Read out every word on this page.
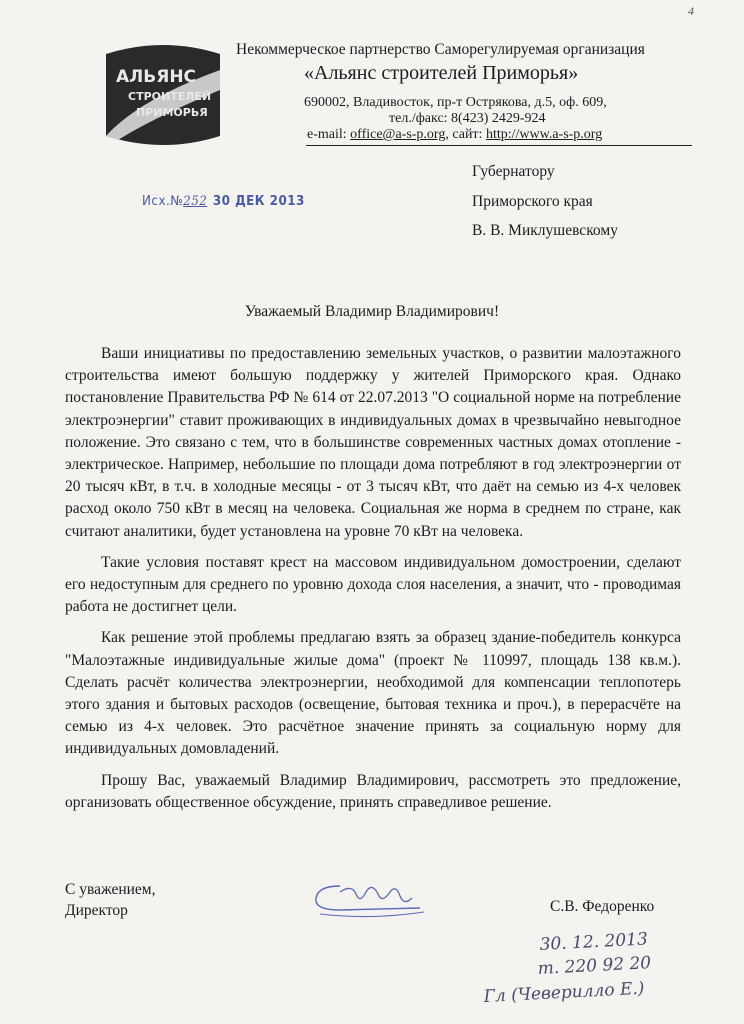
4
АЛЬЯНС
СТРОИТЕЛЕЙ
ПРИМОРЬЯ
Некоммерческое партнерство Саморегулируемая организация
«Альянс строителей Приморья»
690002, Владивосток, пр-т Острякова, д.5, оф. 609,
тел./факс: 8(423) 2429-924
e-mail: office@a-s-p.org, сайт: http://www.a-s-p.org
Исх.№252 30 ДЕК 2013
Губернатору
Приморского края
В. В. Миклушевскому
Уважаемый Владимир Владимирович!

Ваши инициативы по предоставлению земельных участков, о развитии малоэтажного строительства имеют большую поддержку у жителей Приморского края. Однако постановление Правительства РФ № 614 от 22.07.2013 "О социальной норме на потребление электроэнергии" ставит проживающих в индивидуальных домах в чрезвычайно невыгодное положение. Это связано с тем, что в большинстве современных частных домах отопление - электрическое. Например, небольшие по площади дома потребляют в год электроэнергии от 20 тысяч кВт, в т.ч. в холодные месяцы - от 3 тысяч кВт, что даёт на семью из 4-х человек расход около 750 кВт в месяц на человека. Социальная же норма в среднем по стране, как считают аналитики, будет установлена на уровне 70 кВт на человека.

Такие условия поставят крест на массовом индивидуальном домостроении, сделают его недоступным для среднего по уровню дохода слоя населения, а значит, что - проводимая работа не достигнет цели.

Как решение этой проблемы предлагаю взять за образец здание-победитель конкурса "Малоэтажные индивидуальные жилые дома" (проект № 110997, площадь 138 кв.м.). Сделать расчёт количества электроэнергии, необходимой для компенсации теплопотерь этого здания и бытовых расходов (освещение, бытовая техника и проч.), в перерасчёте на семью из 4-х человек. Это расчётное значение принять за социальную норму для индивидуальных домовладений.

Прошу Вас, уважаемый Владимир Владимирович, рассмотреть это предложение, организовать общественное обсуждение, принять справедливое решение.

С уважением,
Директор	С.В. Федоренко
30. 12. 2013
т. 220 92 20
Гл (Чеверилло Е.)
